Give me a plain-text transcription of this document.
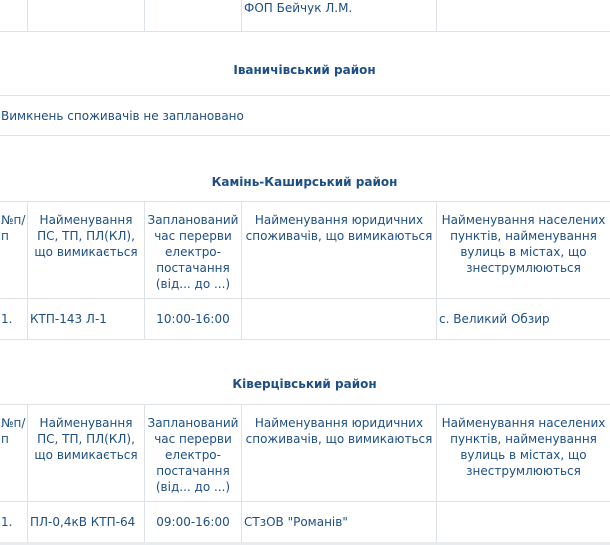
			ФОП Бейчук Л.М.	
Іваничівський район				
Вимкнень споживачів не заплановано				
Камінь-Каширський район				
№п/п	Найменування ПС, ТП, ПЛ(КЛ), що вимикається	Запланований час перерви електро-постачання (від... до ...)	Найменування юридичних споживачів, що вимикаються	Найменування населених пунктів, найменування вулиць в містах, що знеструмлюються
1.	КТП-143 Л-1	10:00-16:00		с. Великий Обзир
Ківерцівський район				
№п/п	Найменування ПС, ТП, ПЛ(КЛ), що вимикається	Запланований час перерви електро-постачання (від... до ...)	Найменування юридичних споживачів, що вимикаються	Найменування населених пунктів, найменування вулиць в містах, що знеструмлюються
1.	ПЛ-0,4кВ КТП-64	09:00-16:00	СТзОВ "Романів"	
